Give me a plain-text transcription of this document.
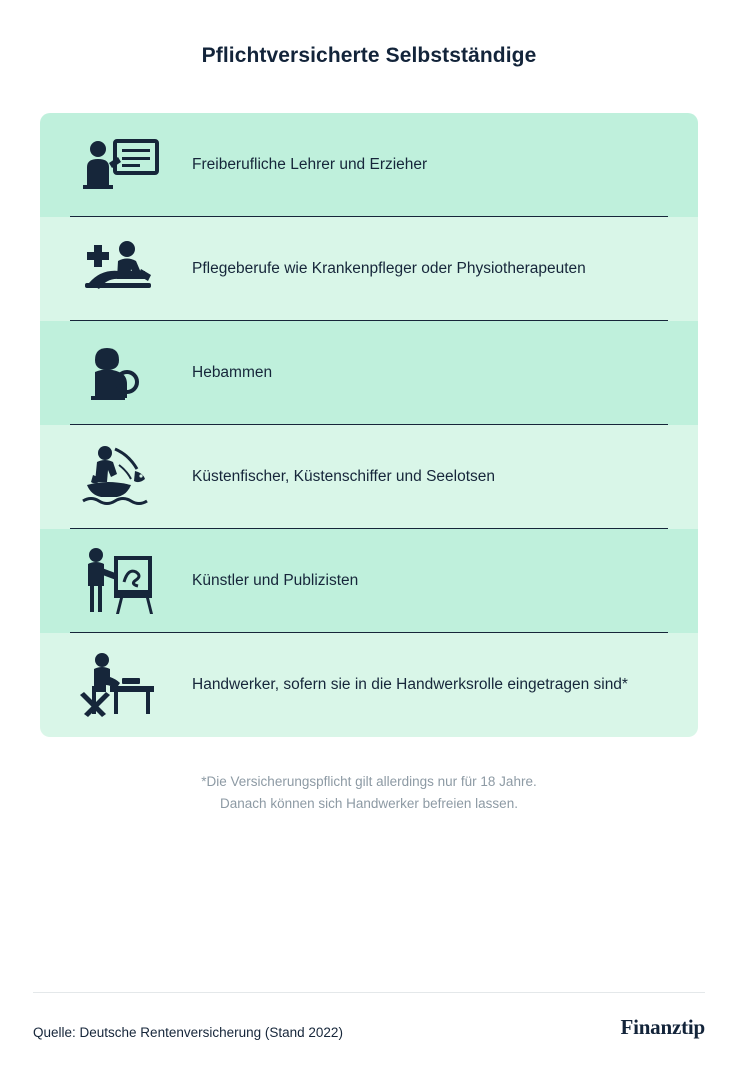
Pflichtversicherte Selbstständige
Freiberufliche Lehrer und Erzieher
Pflegeberufe wie Krankenpfleger oder Physiotherapeuten
Hebammen
Küstenfischer, Küstenschiffer und Seelotsen
Künstler und Publizisten
Handwerker, sofern sie in die Handwerksrolle eingetragen sind*
*Die Versicherungspflicht gilt allerdings nur für 18 Jahre.
Danach können sich Handwerker befreien lassen.
Quelle: Deutsche Rentenversicherung (Stand 2022)	Finanztip
